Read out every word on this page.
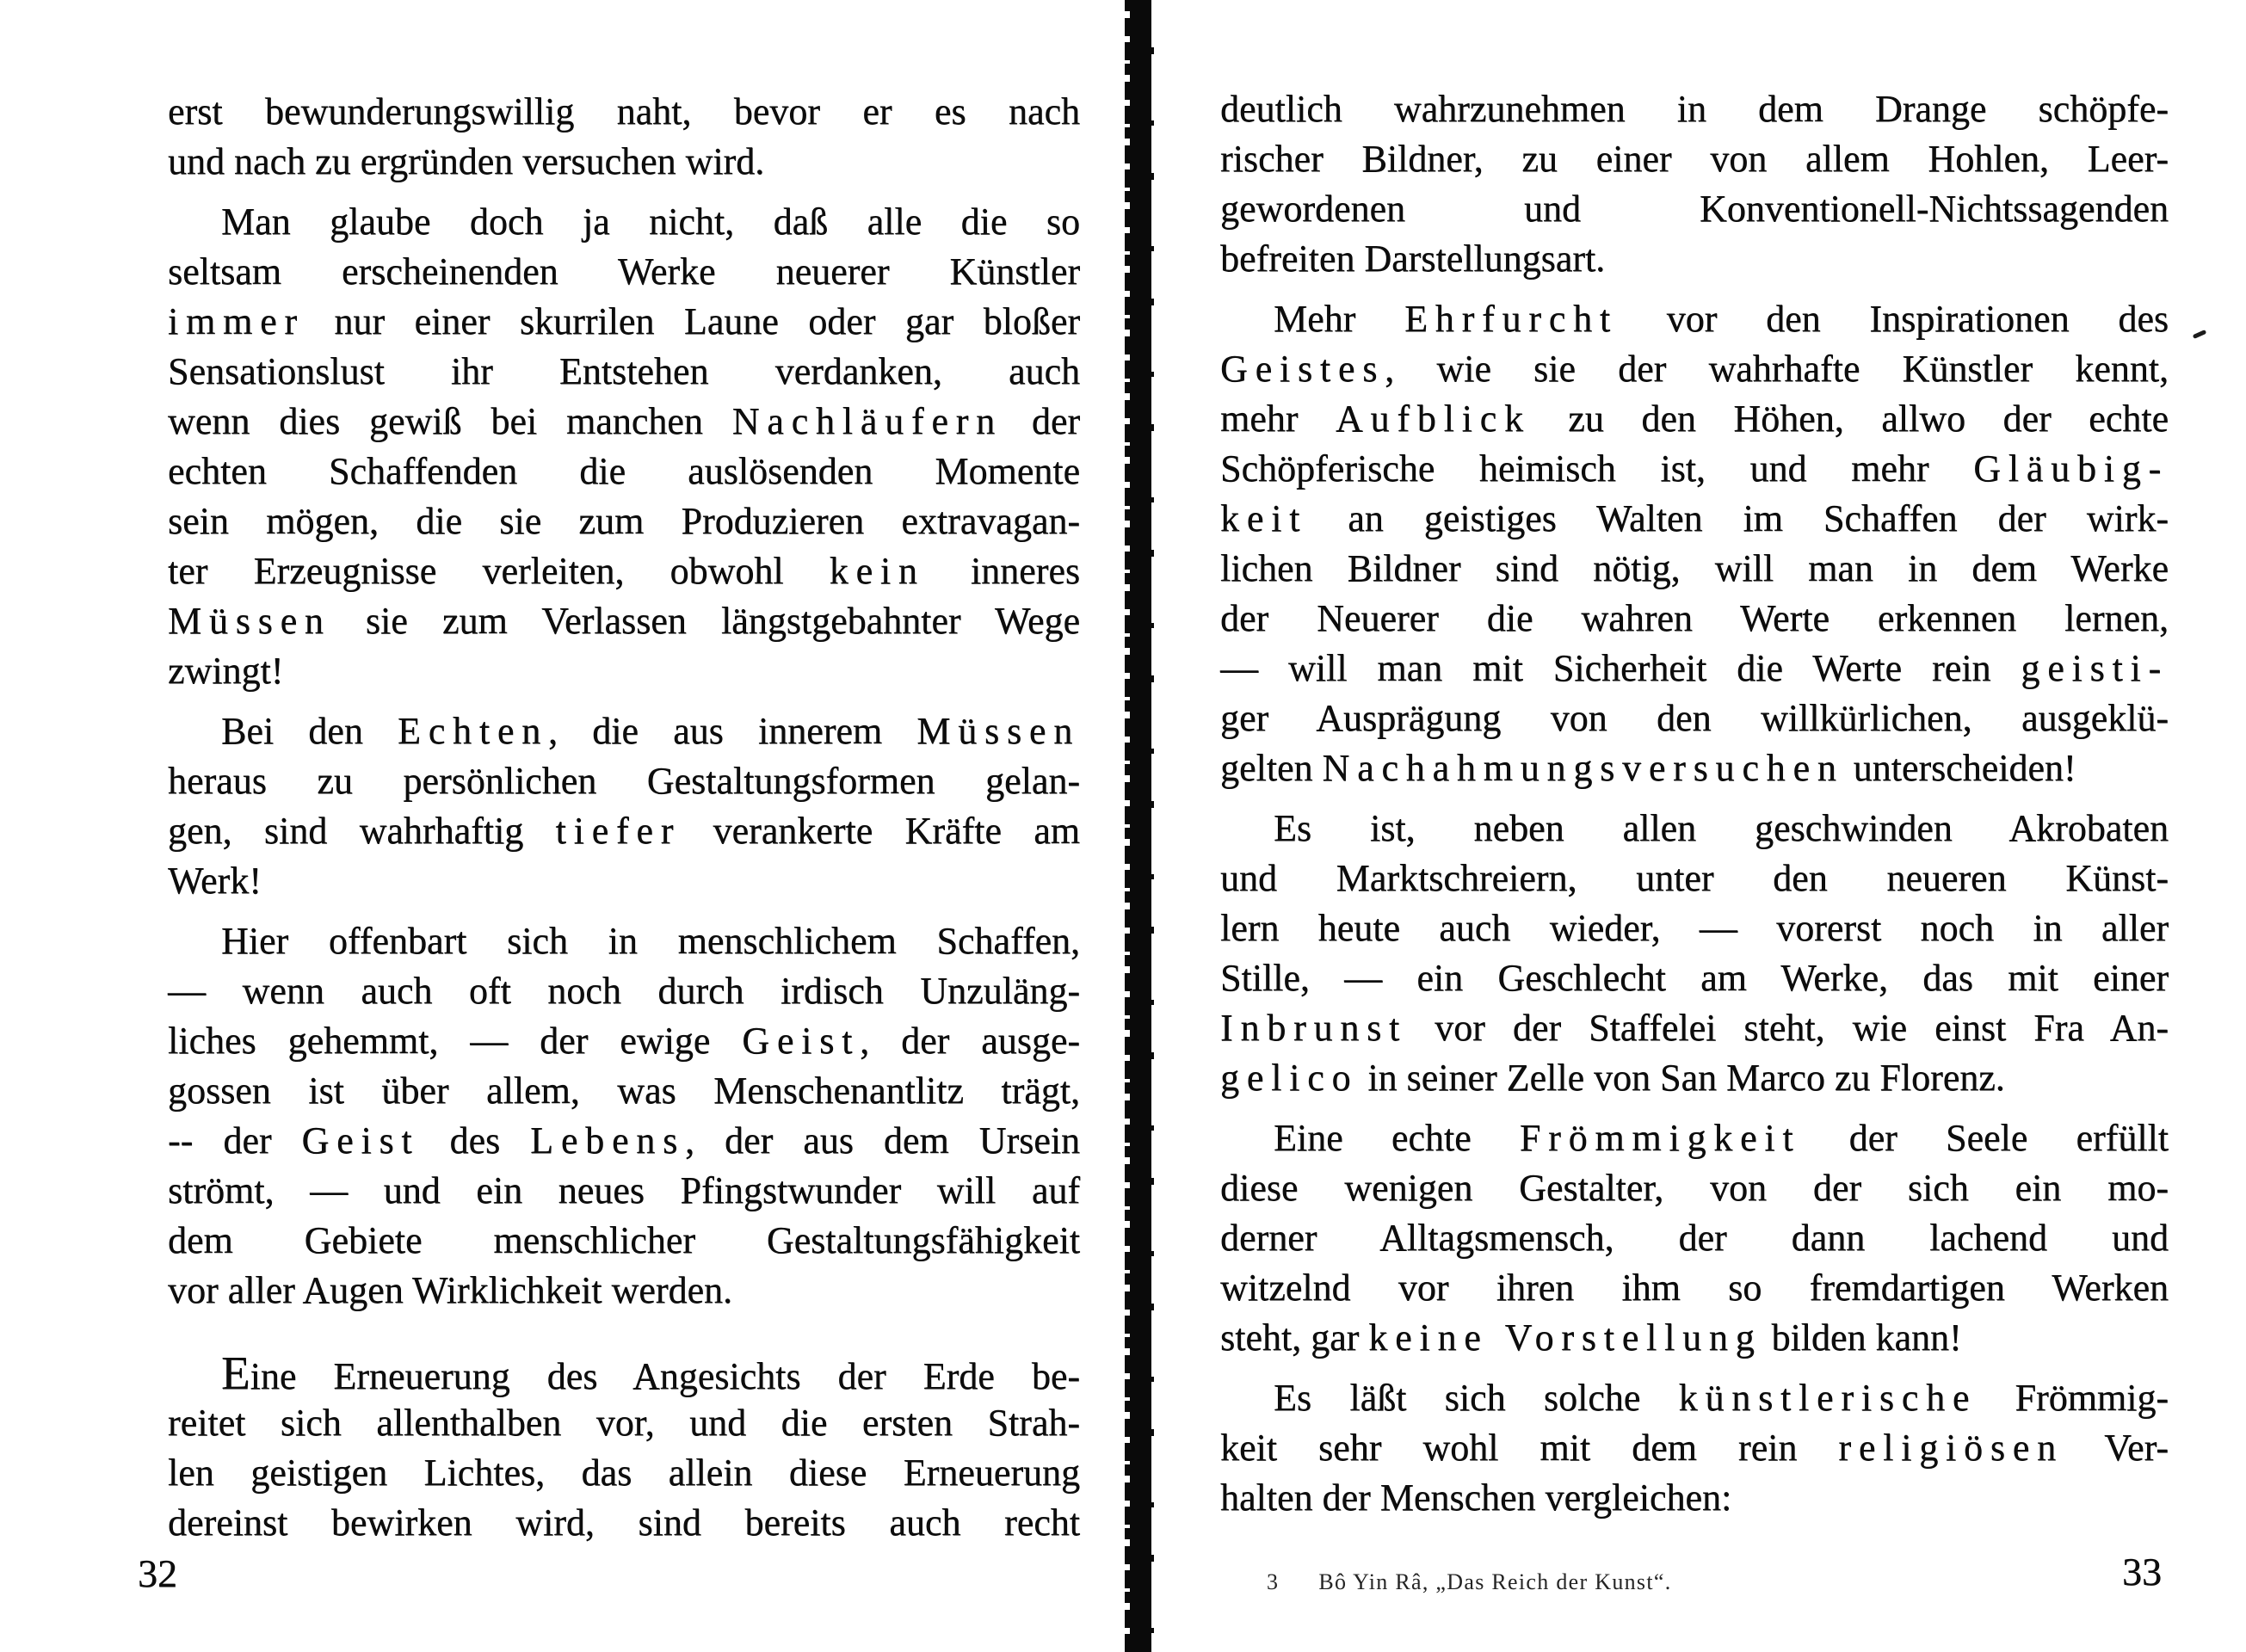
erst bewunderungswillig naht, bevor er es nach
und nach zu ergründen versuchen wird.
Man glaube doch ja nicht, daß alle die so
seltsam erscheinenden Werke neuerer Künstler
immer nur einer skurrilen Laune oder gar bloßer
Sensationslust ihr Entstehen verdanken, auch
wenn dies gewiß bei manchen Nachläufern der
echten Schaffenden die auslösenden Momente
sein mögen, die sie zum Produzieren extravagan-
ter Erzeugnisse verleiten, obwohl kein inneres
Müssen sie zum Verlassen längstgebahnter Wege
zwingt!
Bei den Echten, die aus innerem Müssen
heraus zu persönlichen Gestaltungsformen gelan-
gen, sind wahrhaftig tiefer verankerte Kräfte am
Werk!
Hier offenbart sich in menschlichem Schaffen,
— wenn auch oft noch durch irdisch Unzuläng-
liches gehemmt, — der ewige Geist, der ausge-
gossen ist über allem, was Menschenantlitz trägt,
-- der Geist des Lebens, der aus dem Ursein
strömt, — und ein neues Pfingstwunder will auf
dem Gebiete menschlicher Gestaltungsfähigkeit
vor aller Augen Wirklichkeit werden.
Eine Erneuerung des Angesichts der Erde be-
reitet sich allenthalben vor, und die ersten Strah-
len geistigen Lichtes, das allein diese Erneuerung
dereinst bewirken wird, sind bereits auch recht
32
deutlich wahrzunehmen in dem Drange schöpfe-
rischer Bildner, zu einer von allem Hohlen, Leer-
gewordenen und Konventionell-Nichtssagenden
befreiten Darstellungsart.
Mehr Ehrfurcht vor den Inspirationen des
Geistes, wie sie der wahrhafte Künstler kennt,
mehr Aufblick zu den Höhen, allwo der echte
Schöpferische heimisch ist, und mehr Gläubig-
keit an geistiges Walten im Schaffen der wirk-
lichen Bildner sind nötig, will man in dem Werke
der Neuerer die wahren Werte erkennen lernen,
— will man mit Sicherheit die Werte rein geisti-
ger Ausprägung von den willkürlichen, ausgeklü-
gelten Nachahmungsversuchen unterscheiden!
Es ist, neben allen geschwinden Akrobaten
und Marktschreiern, unter den neueren Künst-
lern heute auch wieder, — vorerst noch in aller
Stille, — ein Geschlecht am Werke, das mit einer
Inbrunst vor der Staffelei steht, wie einst Fra An-
gelico in seiner Zelle von San Marco zu Florenz.
Eine echte Frömmigkeit der Seele erfüllt
diese wenigen Gestalter, von der sich ein mo-
derner Alltagsmensch, der dann lachend und
witzelnd vor ihren ihm so fremdartigen Werken
steht, gar keine Vorstellung bilden kann!
Es läßt sich solche künstlerische Frömmig-
keit sehr wohl mit dem rein religiösen Ver-
halten der Menschen vergleichen:
3 Bô Yin Râ, „Das Reich der Kunst“.	33
